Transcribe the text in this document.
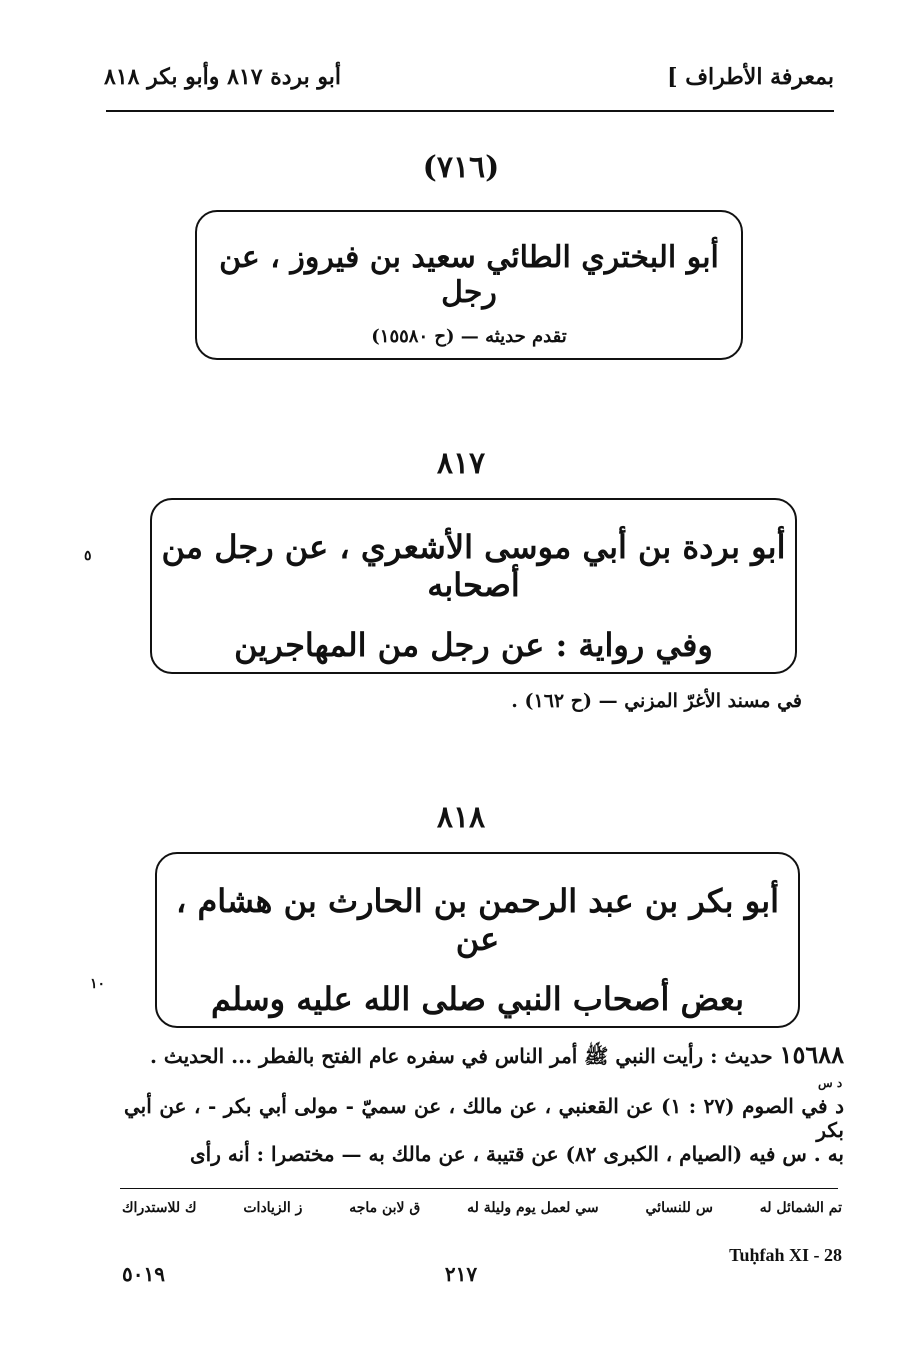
بمعرفة الأطراف ]
أبو بردة ٨١٧ وأبو بكر ٨١٨
(٧١٦)
أبو البختري الطائي سعيد بن فيروز ، عن رجل
تقدم حديثه — (ح ١٥٥٨٠)
٨١٧
أبو بردة بن أبي موسى الأشعري ، عن رجل من أصحابه
وفي رواية : عن رجل من المهاجرين
٥
في مسند الأغرّ المزني — (ح ١٦٢) .
٨١٨
أبو بكر بن عبد الرحمن بن الحارث بن هشام ، عن
بعض أصحاب النبي صلى الله عليه وسلم
١٠
١٥٦٨٨ حديث : رأيت النبي ﷺ أمر الناس في سفره عام الفتح بالفطر ... الحديث .
د س
د في الصوم (٢٧ : ١) عن القعنبي ، عن مالك ، عن سميّ - مولى أبي بكر - ، عن أبي بكر
به . س فيه (الصيام ، الكبرى ٨٢) عن قتيبة ، عن مالك به — مختصرا : أنه رأى
تم الشمائل له
س للنسائي
سي لعمل يوم وليلة له
ق لابن ماجه
ز الزيادات
ك للاستدراك
Tuḥfah XI - 28
٢١٧
٥٠١٩
